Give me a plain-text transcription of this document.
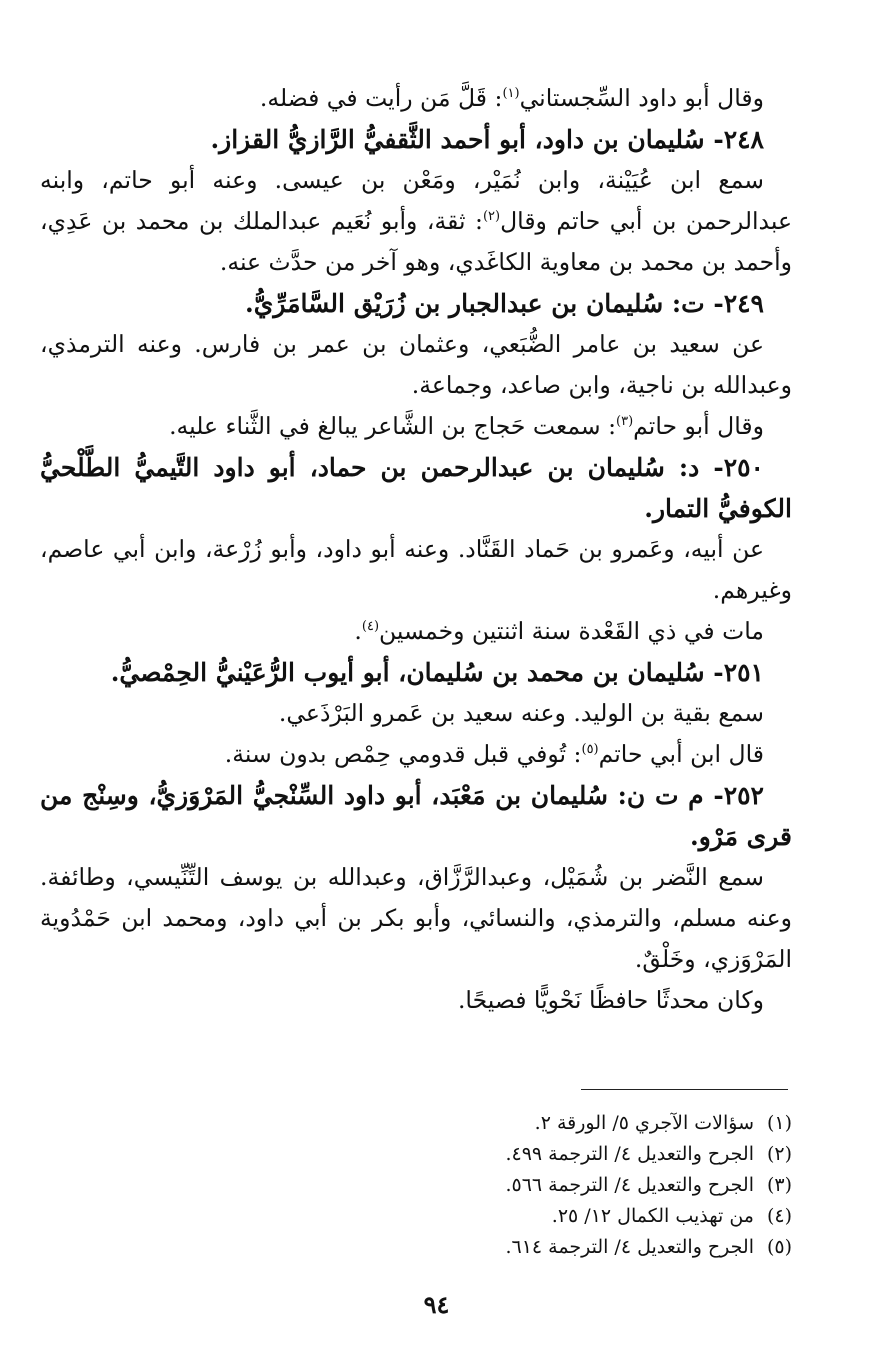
وقال أبو داود السِّجستاني$^{(١)}$: قَلَّ مَن رأيت في فضله.

٢٤٨- سُليمان بن داود، أبو أحمد الثَّقفيُّ الرَّازيُّ القزاز.

سمع ابن عُيَيْنة، وابن نُمَيْر، ومَعْن بن عيسى. وعنه أبو حاتم، وابنه عبدالرحمن بن أبي حاتم وقال$^{(٢)}$: ثقة، وأبو نُعَيم عبدالملك بن محمد بن عَدِي، وأحمد بن محمد بن معاوية الكاغَدي، وهو آخر من حدَّث عنه.

٢٤٩- ت: سُليمان بن عبدالجبار بن زُرَيْق السَّامَرِّيُّ.

عن سعيد بن عامر الضُّبَعي، وعثمان بن عمر بن فارس. وعنه الترمذي، وعبدالله بن ناجية، وابن صاعد، وجماعة.

وقال أبو حاتم$^{(٣)}$: سمعت حَجاج بن الشَّاعر يبالغ في الثَّناء عليه.

٢٥٠- د: سُليمان بن عبدالرحمن بن حماد، أبو داود التَّيميُّ الطَّلْحيُّ الكوفيُّ التمار.

عن أبيه، وعَمرو بن حَماد القَنَّاد. وعنه أبو داود، وأبو زُرْعة، وابن أبي عاصم، وغيرهم.

مات في ذي القَعْدة سنة اثنتين وخمسين$^{(٤)}$.

٢٥١- سُليمان بن محمد بن سُليمان، أبو أيوب الرُّعَيْنيُّ الحِمْصيُّ.

سمع بقية بن الوليد. وعنه سعيد بن عَمرو البَرْذَعي.

قال ابن أبي حاتم$^{(٥)}$: تُوفي قبل قدومي حِمْص بدون سنة.

٢٥٢- م ت ن: سُليمان بن مَعْبَد، أبو داود السِّنْجيُّ المَرْوَزيُّ، وسِنْج من قرى مَرْو.

سمع النَّضر بن شُمَيْل، وعبدالرَّزَّاق، وعبدالله بن يوسف التِّنِّيسي، وطائفة. وعنه مسلم، والترمذي، والنسائي، وأبو بكر بن أبي داود، ومحمد ابن حَمْدُوية المَرْوَزي، وخَلْقٌ.

وكان محدثًا حافظًا نَحْويًّا فصيحًا.

(١)
سؤالات الآجري ٥/ الورقة ٢.
(٢)
الجرح والتعديل ٤/ الترجمة ٤٩٩.
(٣)
الجرح والتعديل ٤/ الترجمة ٥٦٦.
(٤)
من تهذيب الكمال ١٢/ ٢٥.
(٥)
الجرح والتعديل ٤/ الترجمة ٦١٤.
٩٤
